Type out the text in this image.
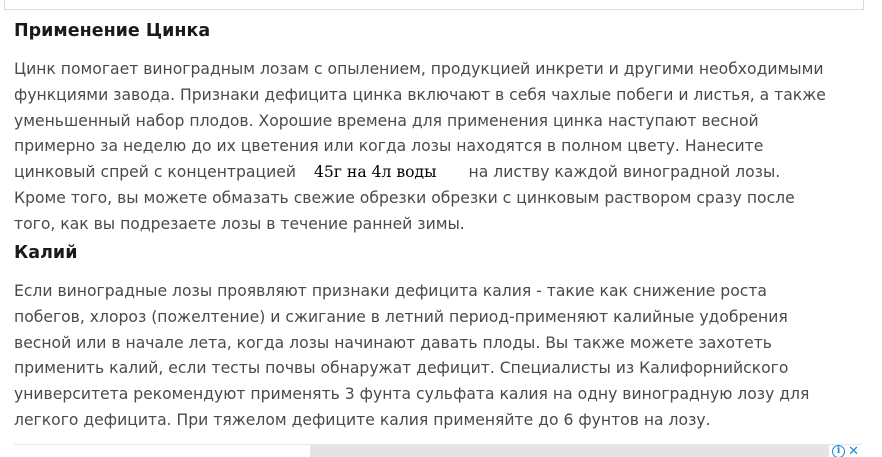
Применение Цинка

Цинк помогает виноградным лозам с опылением, продукцией инкрети и другими необходимыми
функциями завода. Признаки дефицита цинка включают в себя чахлые побеги и листья, а также
уменьшенный набор плодов. Хорошие времена для применения цинка наступают весной
примерно за неделю до их цветения или когда лозы находятся в полном цвету. Нанесите
цинковый спрей с концентрацией 45г на 4л воды на листву каждой виноградной лозы.
Кроме того, вы можете обмазать свежие обрезки обрезки с цинковым раствором сразу после
того, как вы подрезаете лозы в течение ранней зимы.

Калий

Если виноградные лозы проявляют признаки дефицита калия - такие как снижение роста
побегов, хлороз (пожелтение) и сжигание в летний период-применяют калийные удобрения
весной или в начале лета, когда лозы начинают давать плоды. Вы также можете захотеть
применить калий, если тесты почвы обнаружат дефицит. Специалисты из Калифорнийского
университета рекомендуют применять 3 фунта сульфата калия на одну виноградную лозу для
легкого дефицита. При тяжелом дефиците калия применяйте до 6 фунтов на лозу.

i ✕
